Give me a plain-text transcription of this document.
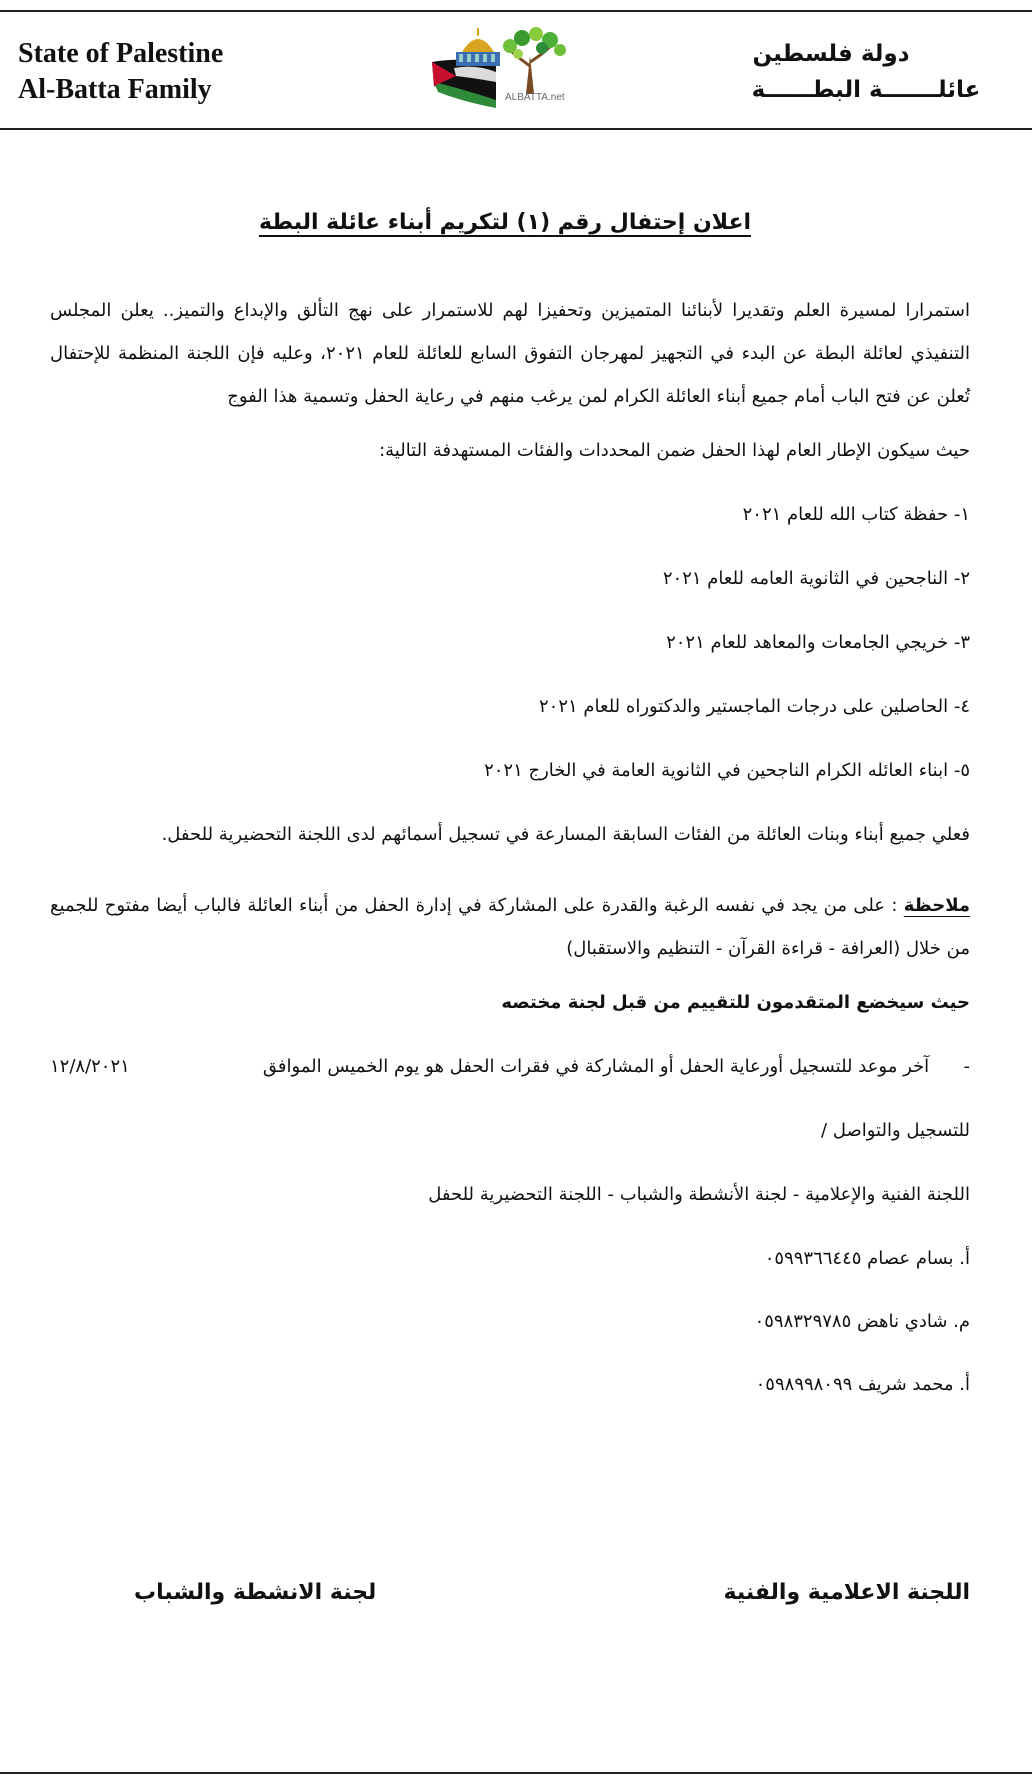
State of Palestine
Al-Batta Family	ALBATTA.net
دولة فلسطين
عائلـــــــة البطــــــة
اعلان إحتفال رقم (١) لتكريم أبناء عائلة البطة

استمرارا لمسيرة العلم وتقديرا لأبنائنا المتميزين وتحفيزا لهم للاستمرار على نهج التألق والإبداع والتميز.. يعلن المجلس التنفيذي لعائلة البطة عن البدء في التجهيز لمهرجان التفوق السابع للعائلة للعام ٢٠٢١، وعليه فإن اللجنة المنظمة للإحتفال تُعلن عن فتح الباب أمام جميع أبناء العائلة الكرام لمن يرغب منهم في رعاية الحفل وتسمية هذا الفوج

حيث سيكون الإطار العام لهذا الحفل ضمن المحددات والفئات المستهدفة التالية:
١- حفظة كتاب الله للعام ٢٠٢١
٢- الناجحين في الثانوية العامه للعام ٢٠٢١
٣- خريجي الجامعات والمعاهد للعام ٢٠٢١
٤- الحاصلين على درجات الماجستير والدكتوراه للعام ٢٠٢١
٥- ابناء العائله الكرام الناجحين في الثانوية العامة في الخارج ٢٠٢١
فعلي جميع أبناء وبنات العائلة من الفئات السابقة المسارعة في تسجيل أسمائهم لدى اللجنة التحضيرية للحفل.

ملاحظة : على من يجد في نفسه الرغبة والقدرة على المشاركة في إدارة الحفل من أبناء العائلة فالباب أيضا مفتوح للجميع من خلال (العرافة - قراءة القرآن - التنظيم والاستقبال)

حيث سيخضع المتقدمون للتقييم من قبل لجنة مختصه
-      آخر موعد للتسجيل أورعاية الحفل أو المشاركة في فقرات الحفل هو يوم الخميس الموافق
١٢/٨/٢٠٢١
للتسجيل والتواصل /
اللجنة الفنية والإعلامية - لجنة الأنشطة والشباب - اللجنة التحضيرية للحفل
أ. بسام عصام ٠٥٩٩٣٦٦٤٤٥
م. شادي ناهض ٠٥٩٨٣٢٩٧٨٥
أ. محمد شريف ٠٥٩٨٩٩٨٠٩٩
اللجنة الاعلامية والفنية
لجنة الانشطة والشباب
